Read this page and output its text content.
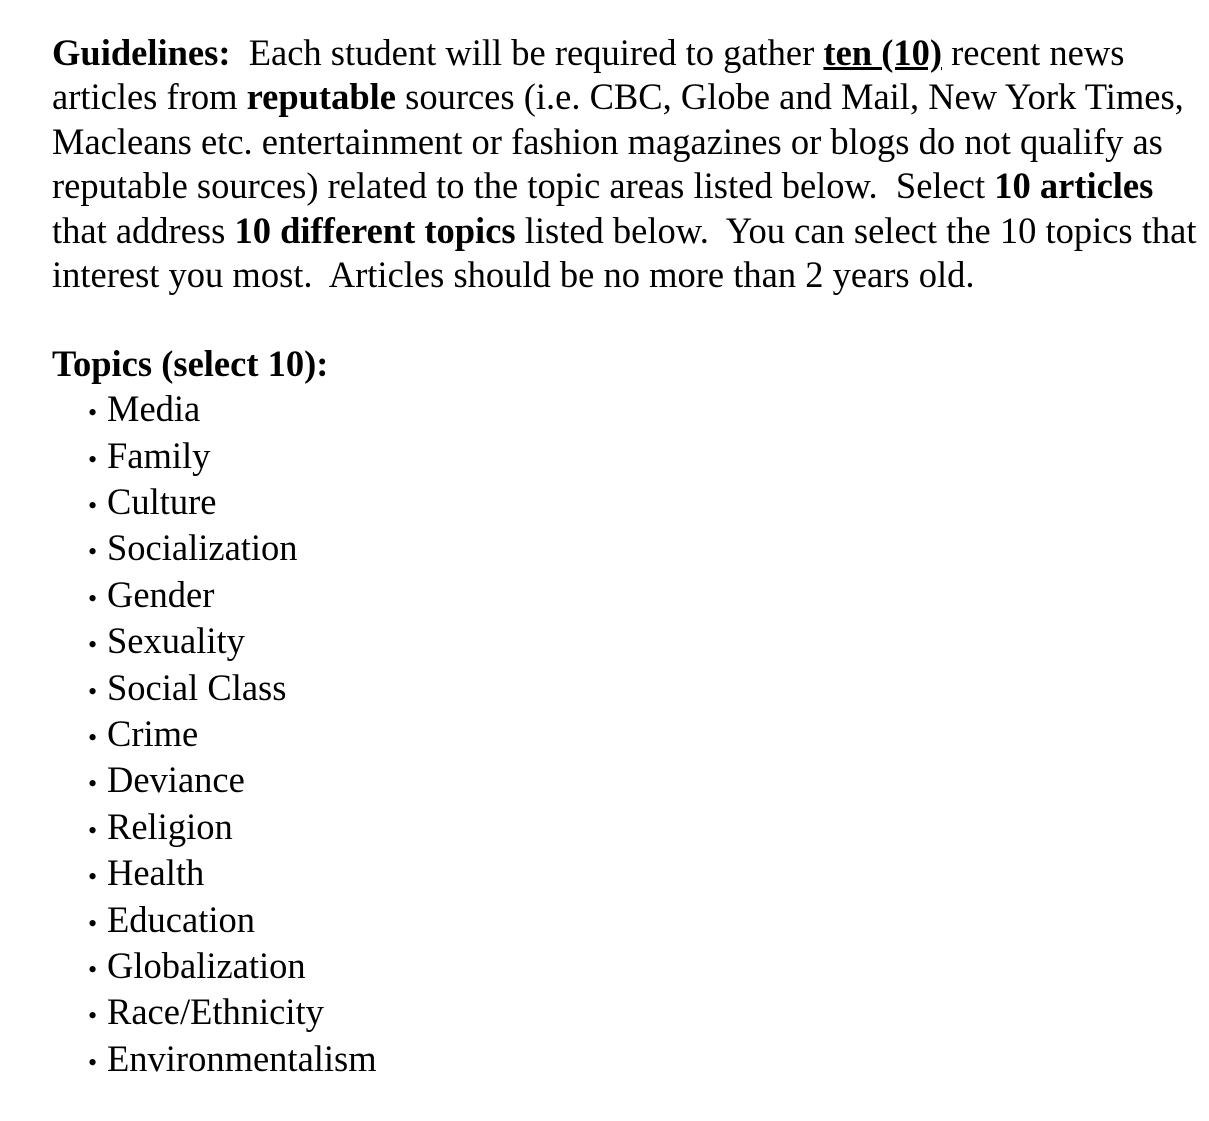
Guidelines:  Each student will be required to gather ten (10) recent news articles from reputable sources (i.e. CBC, Globe and Mail, New York Times, Macleans etc. entertainment or fashion magazines or blogs do not qualify as reputable sources) related to the topic areas listed below.  Select 10 articles that address 10 different topics listed below.  You can select the 10 topics that interest you most.  Articles should be no more than 2 years old.

Topics (select 10):
• Media
• Family
• Culture
• Socialization
• Gender
• Sexuality
• Social Class
• Crime
• Deviance
• Religion
• Health
• Education
• Globalization
• Race/Ethnicity
• Environmentalism
